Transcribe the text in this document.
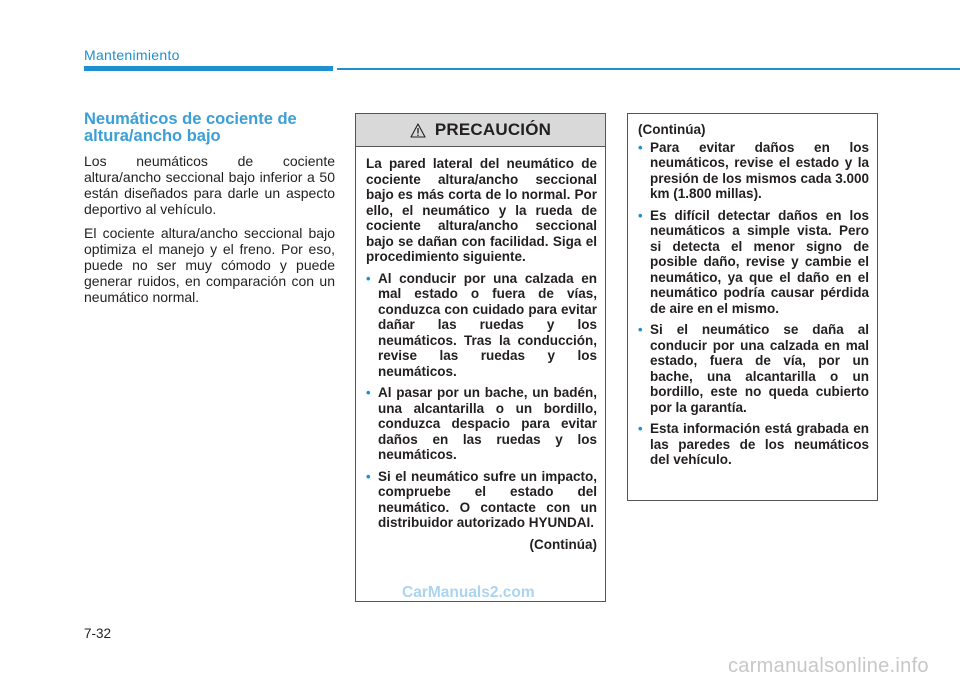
Mantenimiento
Neumáticos de cociente de altura/ancho bajo

Los neumáticos de cociente altura/ancho seccional bajo inferior a 50 están diseñados para darle un aspecto deportivo al vehículo.

El cociente altura/ancho seccional bajo optimiza el manejo y el freno. Por eso, puede no ser muy cómodo y puede generar ruidos, en comparación con un neumático normal.

PRECAUCIÓN

La pared lateral del neumático de cociente altura/ancho seccional bajo es más corta de lo normal. Por ello, el neumático y la rueda de cociente altura/ancho seccional bajo se dañan con facilidad. Siga el procedimiento siguiente.

• Al conducir por una calzada en mal estado o fuera de vías, conduzca con cuidado para evitar dañar las ruedas y los neumáticos. Tras la conducción, revise las ruedas y los neumáticos.
• Al pasar por un bache, un badén, una alcantarilla o un bordillo, conduzca despacio para evitar daños en las ruedas y los neumáticos.
• Si el neumático sufre un impacto, compruebe el estado del neumático. O contacte con un distribuidor autorizado HYUNDAI.
(Continúa)

(Continúa)

• Para evitar daños en los neumáticos, revise el estado y la presión de los mismos cada 3.000 km (1.800 millas).
• Es difícil detectar daños en los neumáticos a simple vista. Pero si detecta el menor signo de posible daño, revise y cambie el neumático, ya que el daño en el neumático podría causar pérdida de aire en el mismo.
• Si el neumático se daña al conducir por una calzada en mal estado, fuera de vía, por un bache, una alcantarilla o un bordillo, este no queda cubierto por la garantía.
• Esta información está grabada en las paredes de los neumáticos del vehículo.
7-32
CarManuals2.com
carmanualsonline.info
